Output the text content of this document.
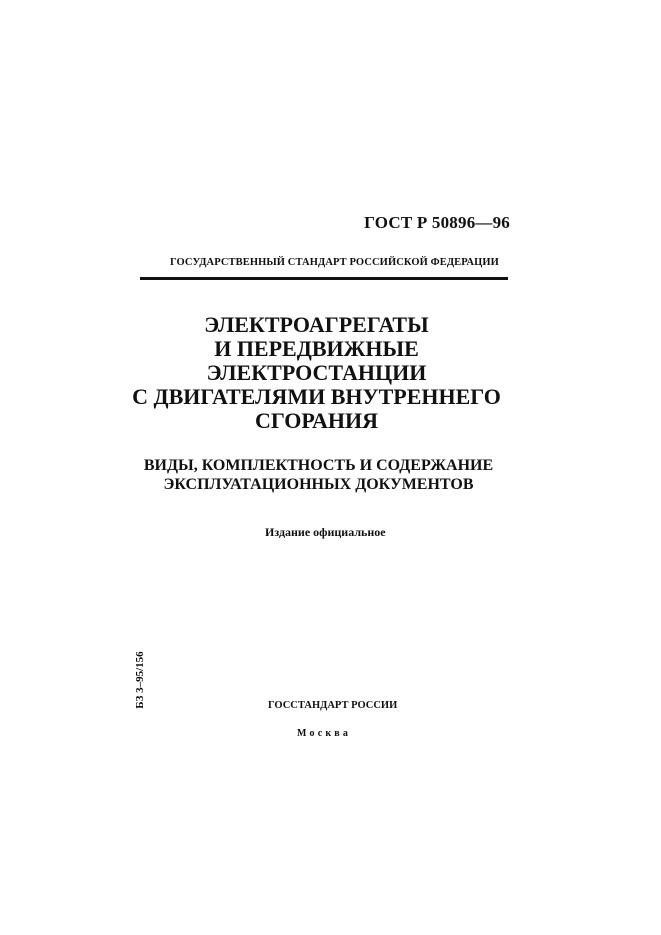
ГОСТ Р 50896—96
ГОСУДАРСТВЕННЫЙ СТАНДАРТ РОССИЙСКОЙ ФЕДЕРАЦИИ
ЭЛЕКТРОАГРЕГАТЫ
И ПЕРЕДВИЖНЫЕ
ЭЛЕКТРОСТАНЦИИ
С ДВИГАТЕЛЯМИ ВНУТРЕННЕГО
СГОРАНИЯ
ВИДЫ, КОМПЛЕКТНОСТЬ И СОДЕРЖАНИЕ
ЭКСПЛУАТАЦИОННЫХ ДОКУМЕНТОВ
Издание официальное
БЗ 3–95/156	ГОССТАНДАРТ РОССИИ
Москва
